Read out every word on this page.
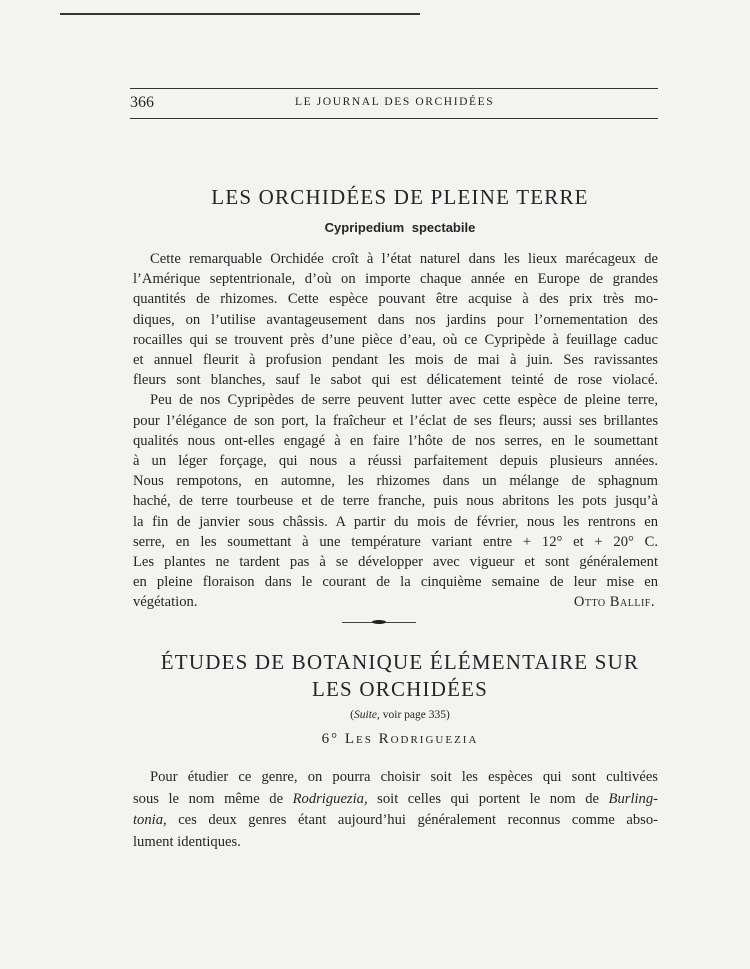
366	LE JOURNAL DES ORCHIDÉES
LES ORCHIDÉES DE PLEINE TERRE
Cypripedium spectabile
Cette remarquable Orchidée croît à l’état naturel dans les lieux marécageux de
l’Amérique septentrionale, d’où on importe chaque année en Europe de grandes
quantités de rhizomes. Cette espèce pouvant être acquise à des prix très mo-
diques, on l’utilise avantageusement dans nos jardins pour l’ornementation des
rocailles qui se trouvent près d’une pièce d’eau, où ce Cypripède à feuillage caduc
et annuel fleurit à profusion pendant les mois de mai à juin. Ses ravissantes
fleurs sont blanches, sauf le sabot qui est délicatement teinté de rose violacé.
Peu de nos Cypripèdes de serre peuvent lutter avec cette espèce de pleine terre,
pour l’élégance de son port, la fraîcheur et l’éclat de ses fleurs; aussi ses brillantes
qualités nous ont-elles engagé à en faire l’hôte de nos serres, en le soumettant
à un léger forçage, qui nous a réussi parfaitement depuis plusieurs années.
Nous rempotons, en automne, les rhizomes dans un mélange de sphagnum
haché, de terre tourbeuse et de terre franche, puis nous abritons les pots jusqu’à
la fin de janvier sous châssis. A partir du mois de février, nous les rentrons en
serre, en les soumettant à une température variant entre + 12° et + 20° C.
Les plantes ne tardent pas à se développer avec vigueur et sont généralement
en pleine floraison dans le courant de la cinquième semaine de leur mise en
végétation.	Otto Ballif.
ÉTUDES DE BOTANIQUE ÉLÉMENTAIRE SUR
LES ORCHIDÉES
(Suite, voir page 335)
6° Les Rodriguezia
Pour étudier ce genre, on pourra choisir soit les espèces qui sont cultivées
sous le nom même de Rodriguezia, soit celles qui portent le nom de Burling-
tonia, ces deux genres étant aujourd’hui généralement reconnus comme abso-
lument identiques.
